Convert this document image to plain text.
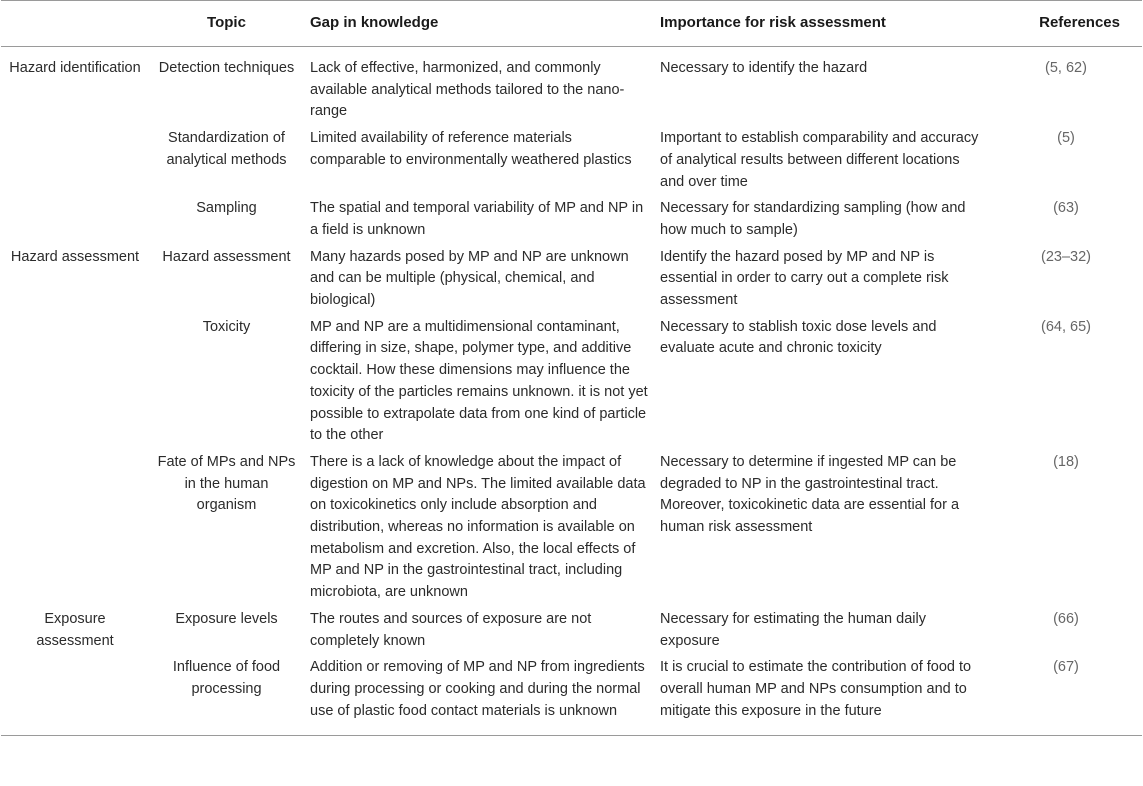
	Topic	Gap in knowledge	Importance for risk assessment	References
Hazard identification	Detection techniques	Lack of effective, harmonized, and commonly available analytical methods tailored to the nano-range	Necessary to identify the hazard	(5, 62)
	Standardization of analytical methods	Limited availability of reference materials comparable to environmentally weathered plastics	Important to establish comparability and accuracy of analytical results between different locations and over time	(5)
	Sampling	The spatial and temporal variability of MP and NP in a field is unknown	Necessary for standardizing sampling (how and how much to sample)	(63)
Hazard assessment	Hazard assessment	Many hazards posed by MP and NP are unknown and can be multiple (physical, chemical, and biological)	Identify the hazard posed by MP and NP is essential in order to carry out a complete risk assessment	(23–32)
	Toxicity	MP and NP are a multidimensional contaminant, differing in size, shape, polymer type, and additive cocktail. How these dimensions may influence the toxicity of the particles remains unknown. it is not yet possible to extrapolate data from one kind of particle to the other	Necessary to stablish toxic dose levels and evaluate acute and chronic toxicity	(64, 65)
	Fate of MPs and NPs in the human organism	There is a lack of knowledge about the impact of digestion on MP and NPs. The limited available data on toxicokinetics only include absorption and distribution, whereas no information is available on metabolism and excretion. Also, the local effects of MP and NP in the gastrointestinal tract, including microbiota, are unknown	Necessary to determine if ingested MP can be degraded to NP in the gastrointestinal tract. Moreover, toxicokinetic data are essential for a human risk assessment	(18)
Exposure assessment	Exposure levels	The routes and sources of exposure are not completely known	Necessary for estimating the human daily exposure	(66)
	Influence of food processing	Addition or removing of MP and NP from ingredients during processing or cooking and during the normal use of plastic food contact materials is unknown	It is crucial to estimate the contribution of food to overall human MP and NPs consumption and to mitigate this exposure in the future	(67)
